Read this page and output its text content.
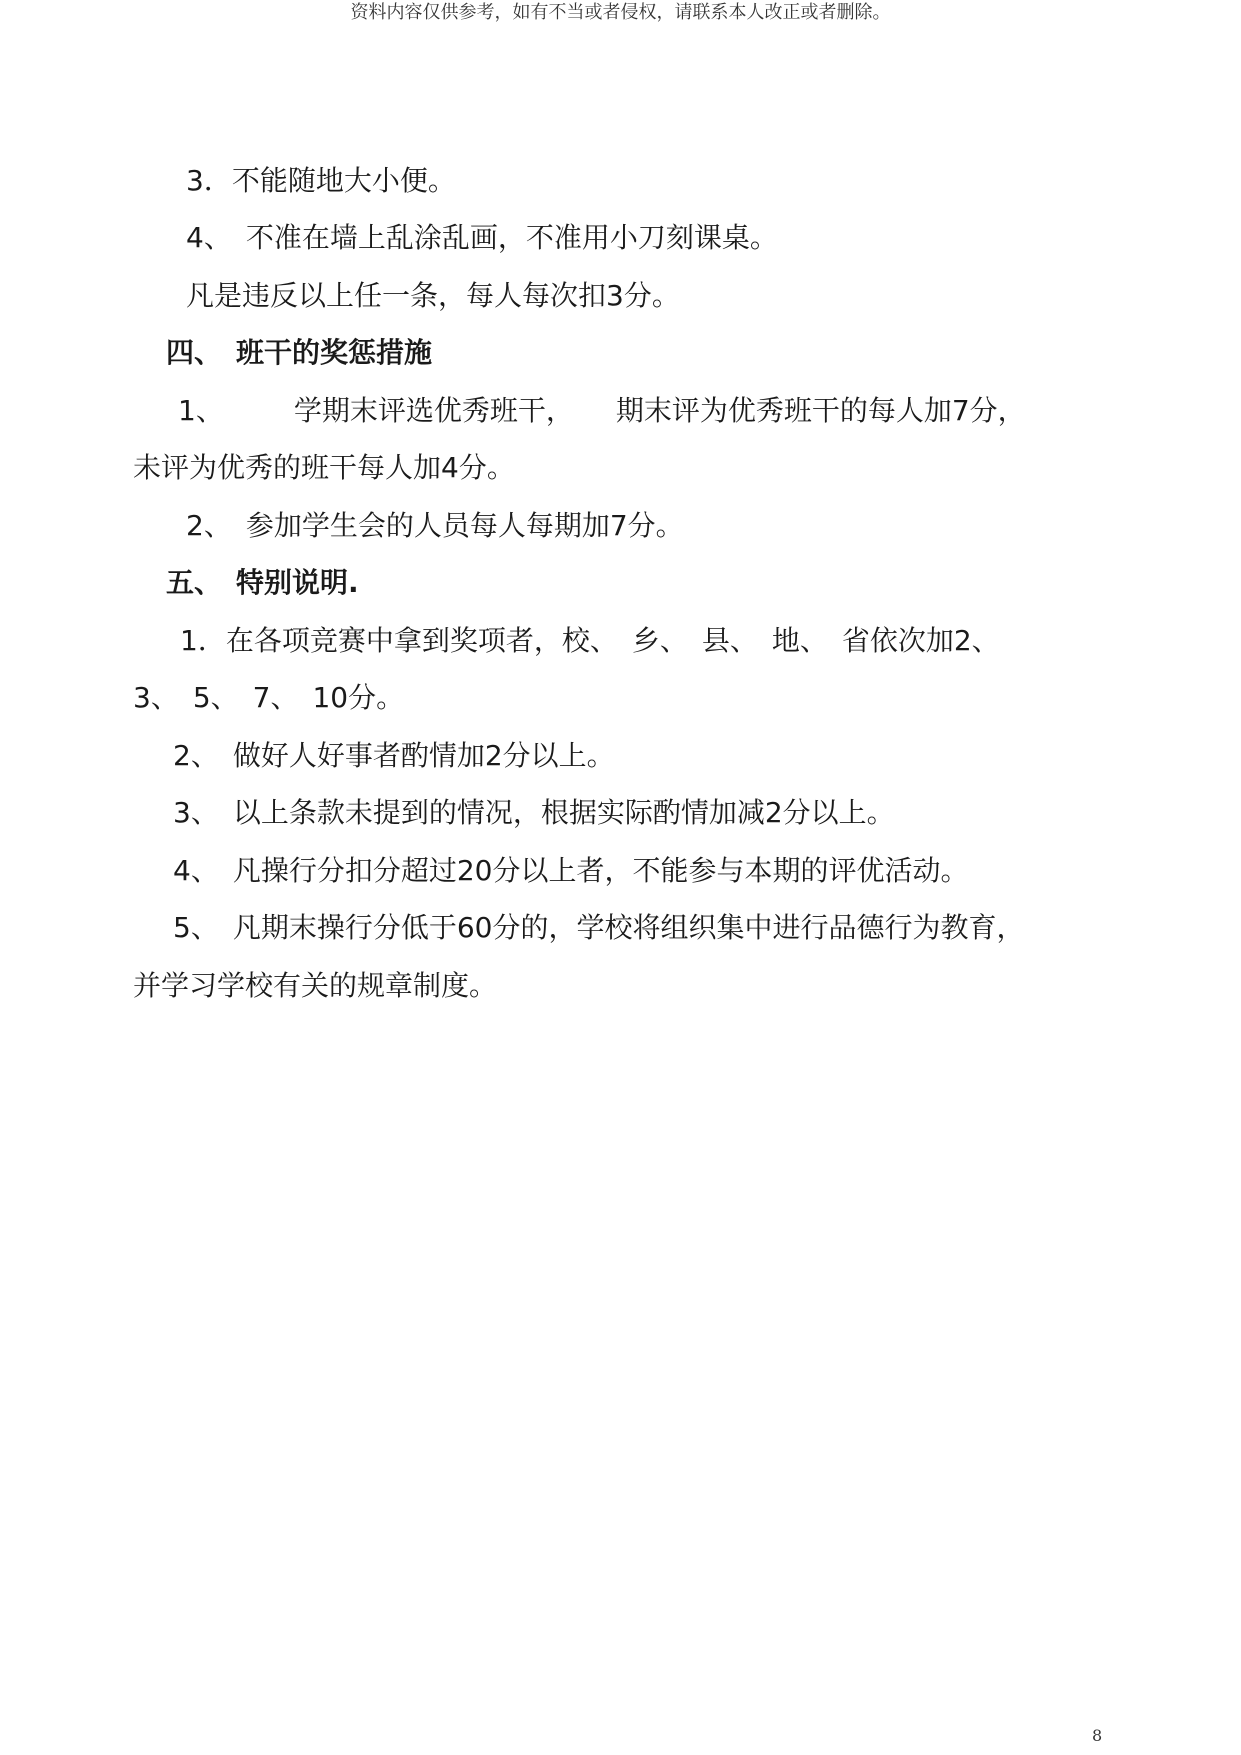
资料内容仅供参考，如有不当或者侵权，请联系本人改正或者删除。
3．不能随地大小便。
4、　不准在墙上乱涂乱画，不准用小刀刻课桌。
凡是违反以上任一条，每人每次扣3分。
四、　班干的奖惩措施
1、　　　学期末评选优秀班干，　　期末评为优秀班干的每人加7分，
未评为优秀的班干每人加4分。
2、　参加学生会的人员每人每期加7分。
五、　特别说明.
1．在各项竞赛中拿到奖项者，校、　乡、　县、　地、　省依次加2、
3、　5、　7、　10分。
2、　做好人好事者酌情加2分以上。
3、　以上条款未提到的情况，根据实际酌情加减2分以上。
4、　凡操行分扣分超过20分以上者，不能参与本期的评优活动。
5、　凡期末操行分低于60分的，学校将组织集中进行品德行为教育，
并学习学校有关的规章制度。
8
